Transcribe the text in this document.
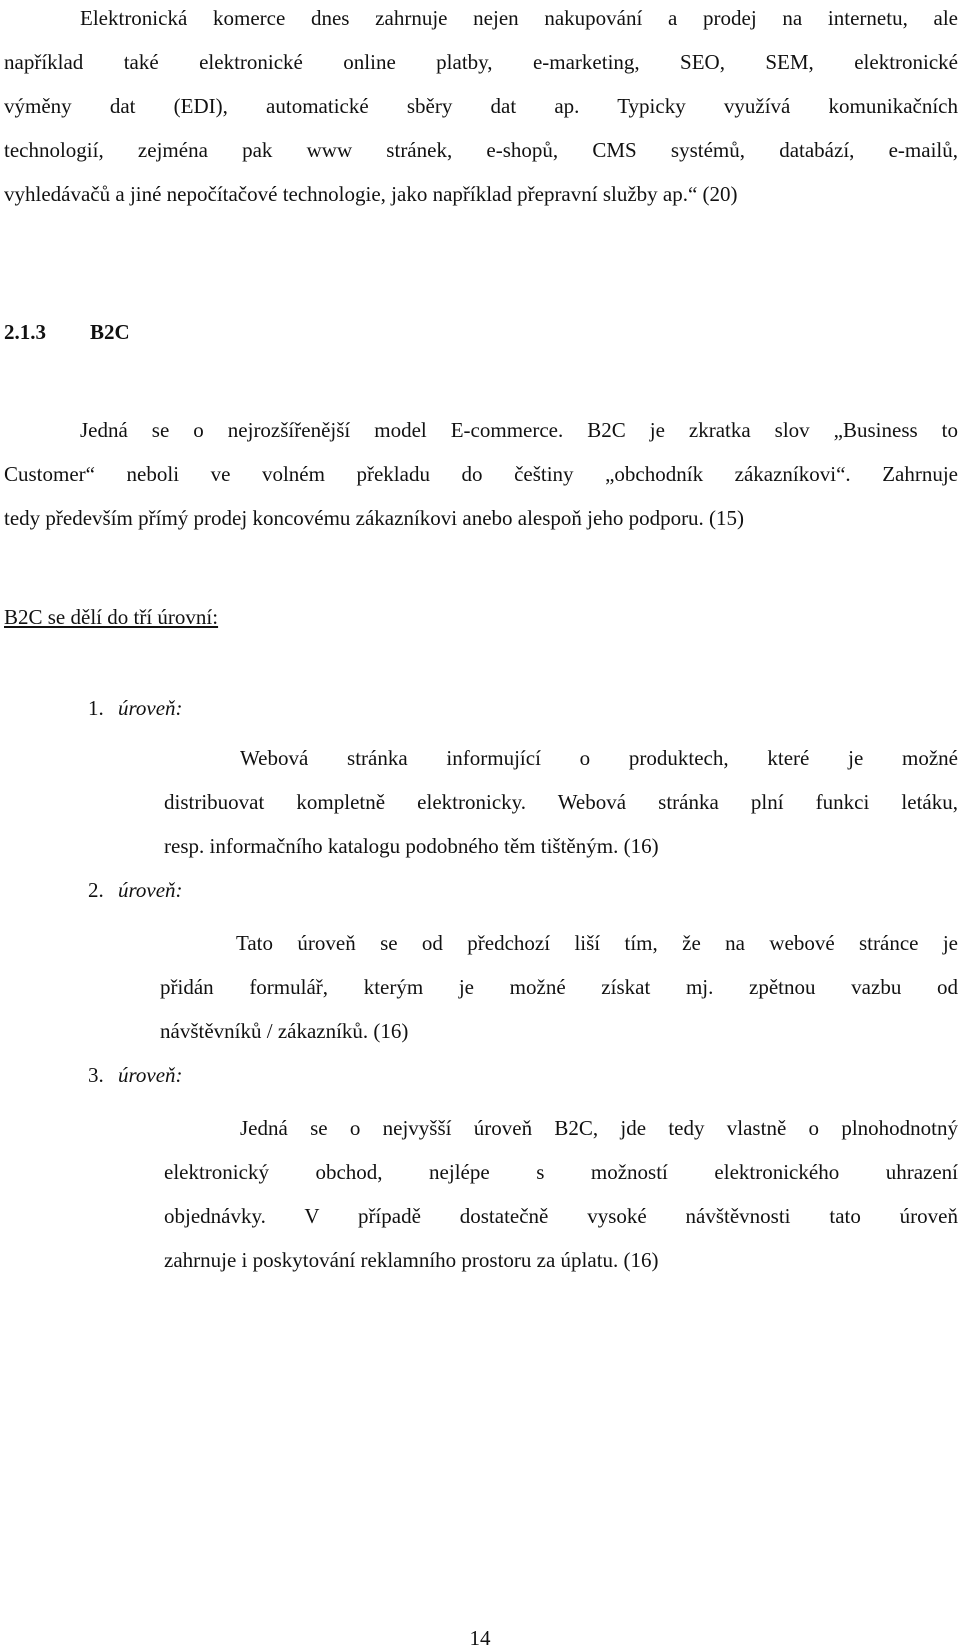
Elektronická komerce dnes zahrnuje nejen nakupování a prodej na internetu, ale
například také elektronické online platby, e-marketing, SEO, SEM, elektronické
výměny dat (EDI), automatické sběry dat ap. Typicky využívá komunikačních
technologií, zejména pak www stránek, e-shopů, CMS systémů, databází, e-mailů,
vyhledávačů a jiné nepočítačové technologie, jako například přepravní služby ap.“ (20)
2.1.3 B2C
Jedná se o nejrozšířenější model E-commerce. B2C je zkratka slov „Business to
Customer“ neboli ve volném překladu do češtiny „obchodník zákazníkovi“. Zahrnuje
tedy především přímý prodej koncovému zákazníkovi anebo alespoň jeho podporu. (15)
B2C se dělí do tří úrovní:
1. úroveň:
Webová stránka informující o produktech, které je možné
distribuovat kompletně elektronicky. Webová stránka plní funkci letáku,
resp. informačního katalogu podobného těm tištěným. (16)
2. úroveň:
Tato úroveň se od předchozí liší tím, že na webové stránce je
přidán formulář, kterým je možné získat mj. zpětnou vazbu od
návštěvníků / zákazníků. (16)
3. úroveň:
Jedná se o nejvyšší úroveň B2C, jde tedy vlastně o plnohodnotný
elektronický obchod, nejlépe s možností elektronického uhrazení
objednávky. V případě dostatečně vysoké návštěvnosti tato úroveň
zahrnuje i poskytování reklamního prostoru za úplatu. (16)
14
